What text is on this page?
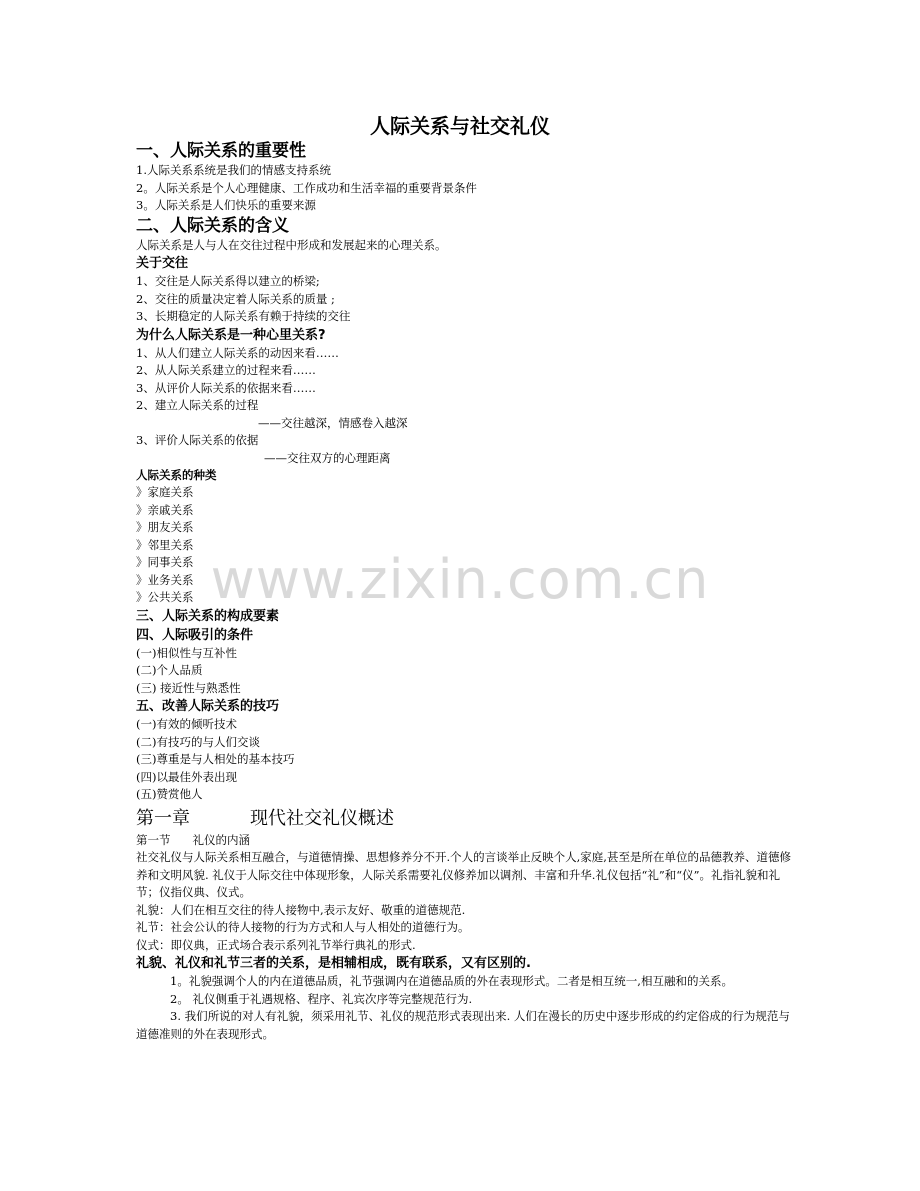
www.zixin.com.cn
人际关系与社交礼仪

一、人际关系的重要性

1.人际关系系统是我们的情感支持系统

2。人际关系是个人心理健康、工作成功和生活幸福的重要背景条件

3。人际关系是人们快乐的重要来源

二、人际关系的含义

人际关系是人与人在交往过程中形成和发展起来的心理关系。

关于交往

1、交往是人际关系得以建立的桥梁;

2、交往的质量决定着人际关系的质量 ;

3、长期稳定的人际关系有赖于持续的交往

为什么人际关系是一种心里关系?

1、从人们建立人际关系的动因来看……

2、从人际关系建立的过程来看……

3、从评价人际关系的依据来看……

2、建立人际关系的过程

——交往越深，情感卷入越深

3、评价人际关系的依据

——交往双方的心理距离

人际关系的种类

》家庭关系

》亲戚关系

》朋友关系

》邻里关系

》同事关系

》业务关系

》公共关系

三、人际关系的构成要素

四、人际吸引的条件

(一)相似性与互补性

(二)个人品质

(三) 接近性与熟悉性

五、改善人际关系的技巧

(一)有效的倾听技术

(二)有技巧的与人们交谈

(三)尊重是与人相处的基本技巧

(四)以最佳外表出现

(五)赞赏他人

第一章	现代社交礼仪概述

第一节 礼仪的内涵

社交礼仪与人际关系相互融合，与道德情操、思想修养分不开.个人的言谈举止反映个人,家庭,甚至是所在单位的品德教养、道德修养和文明风貌. 礼仪于人际交往中体现形象，人际关系需要礼仪修养加以调剂、丰富和升华.礼仪包括“礼”和“仪”。礼指礼貌和礼节；仪指仪典、仪式。

礼貌：人们在相互交往的待人接物中,表示友好、敬重的道德规范.

礼节：社会公认的待人接物的行为方式和人与人相处的道德行为。

仪式：即仪典，正式场合表示系列礼节举行典礼的形式.

礼貌、礼仪和礼节三者的关系，是相辅相成，既有联系，又有区别的.

1。礼貌强调个人的内在道德品质，礼节强调内在道德品质的外在表现形式。二者是相互统一,相互融和的关系。

2。 礼仪侧重于礼遇规格、程序、礼宾次序等完整规范行为.

3. 我们所说的对人有礼貌，须采用礼节、礼仪的规范形式表现出来. 人们在漫长的历史中逐步形成的约定俗成的行为规范与道德准则的外在表现形式。
